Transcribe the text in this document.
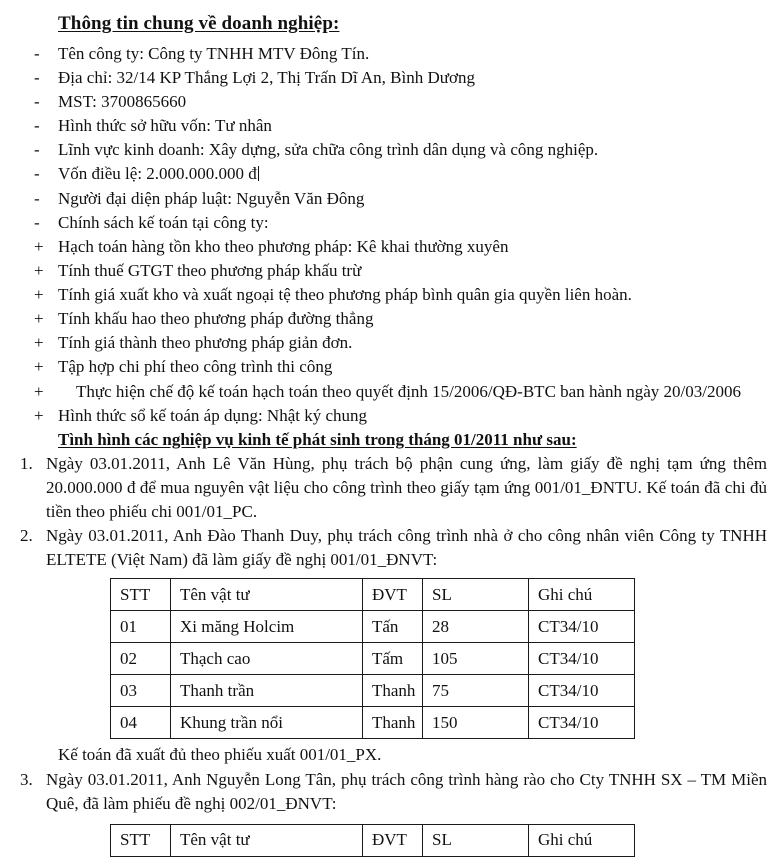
Thông tin chung về doanh nghiệp:
-	Tên công ty: Công ty TNHH MTV Đông Tín.
-	Địa chỉ: 32/14 KP Thắng Lợi 2, Thị Trấn Dĩ An, Bình Dương
-	MST: 3700865660
-	Hình thức sở hữu vốn: Tư nhân
-	Lĩnh vực kinh doanh: Xây dựng, sửa chữa công trình dân dụng và công nghiệp.
-	Vốn điều lệ: 2.000.000.000 đ
-	Người đại diện pháp luật: Nguyễn Văn Đông
-	Chính sách kế toán tại công ty:
+ Hạch toán hàng tồn kho theo phương pháp: Kê khai thường xuyên
+ Tính thuế GTGT theo phương pháp khấu trừ
+ Tính giá xuất kho và xuất ngoại tệ theo phương pháp bình quân gia quyền liên hoàn.
+ Tính khấu hao theo phương pháp đường thẳng
+ Tính giá thành theo phương pháp giản đơn.
+ Tập hợp chi phí theo công trình thi công
+	Thực hiện chế độ kế toán hạch toán theo quyết định 15/2006/QĐ-BTC ban hành ngày 20/03/2006
+ Hình thức sổ kế toán áp dụng: Nhật ký chung
Tình hình các nghiệp vụ kinh tế phát sinh trong tháng 01/2011 như sau:
1. Ngày 03.01.2011, Anh Lê Văn Hùng, phụ trách bộ phận cung ứng, làm giấy đề nghị tạm ứng thêm 20.000.000 đ để mua nguyên vật liệu cho công trình theo giấy tạm ứng 001/01_ĐNTU. Kế toán đã chi đủ tiền theo phiếu chi 001/01_PC.
2. Ngày 03.01.2011, Anh Đào Thanh Duy, phụ trách công trình nhà ở cho công nhân viên Công ty TNHH ELTETE (Việt Nam) đã làm giấy đề nghị 001/01_ĐNVT:
STT	Tên vật tư	ĐVT	SL	Ghi chú
01	Xi măng Holcim	Tấn	28	CT34/10
02	Thạch cao	Tấm	105	CT34/10
03	Thanh trần	Thanh	75	CT34/10
04	Khung trần nổi	Thanh	150	CT34/10
Kế toán đã xuất đủ theo phiếu xuất 001/01_PX.
3. Ngày 03.01.2011, Anh Nguyễn Long Tân, phụ trách công trình hàng rào cho Cty TNHH SX – TM Miền Quê, đã làm phiếu đề nghị 002/01_ĐNVT:
STT	Tên vật tư	ĐVT	SL	Ghi chú
